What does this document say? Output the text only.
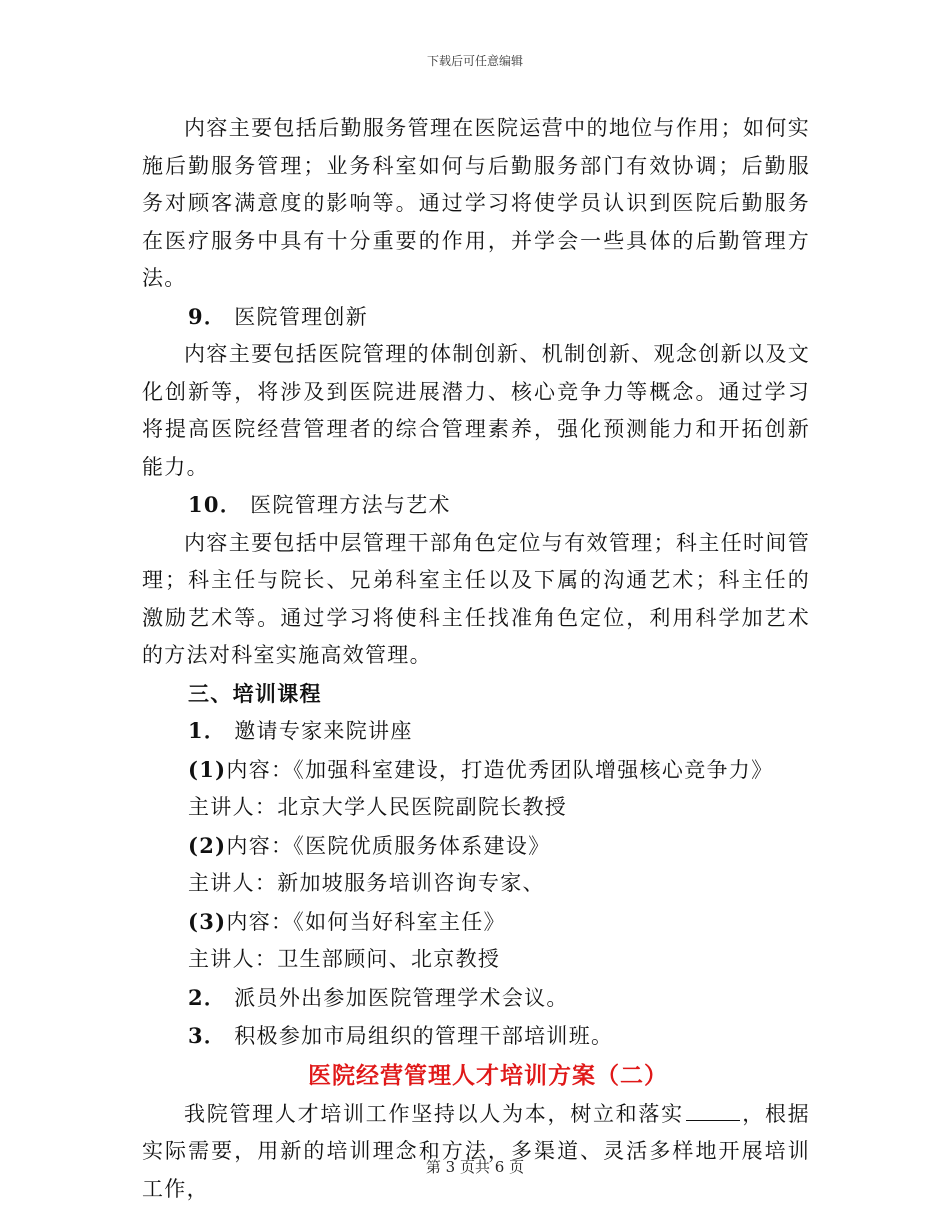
下载后可任意编辑

内容主要包括后勤服务管理在医院运营中的地位与作用；如何实施后勤服务管理；业务科室如何与后勤服务部门有效协调；后勤服务对顾客满意度的影响等。通过学习将使学员认识到医院后勤服务在医疗服务中具有十分重要的作用，并学会一些具体的后勤管理方法。

9． 医院管理创新

内容主要包括医院管理的体制创新、机制创新、观念创新以及文化创新等，将涉及到医院进展潜力、核心竞争力等概念。通过学习将提高医院经营管理者的综合管理素养，强化预测能力和开拓创新能力。

10． 医院管理方法与艺术

内容主要包括中层管理干部角色定位与有效管理；科主任时间管理；科主任与院长、兄弟科室主任以及下属的沟通艺术；科主任的激励艺术等。通过学习将使科主任找准角色定位，利用科学加艺术的方法对科室实施高效管理。

三、培训课程

1． 邀请专家来院讲座

(1)内容：《加强科室建设，打造优秀团队增强核心竞争力》

主讲人：北京大学人民医院副院长教授

(2)内容：《医院优质服务体系建设》

主讲人：新加坡服务培训咨询专家、

(3)内容：《如何当好科室主任》

主讲人：卫生部顾问、北京教授

2． 派员外出参加医院管理学术会议。

3． 积极参加市局组织的管理干部培训班。

医院经营管理人才培训方案（二）

我院管理人才培训工作坚持以人为本，树立和落实	，根据实际需要，用新的培训理念和方法，多渠道、灵活多样地开展培训工作，

第 3 页共 6 页
